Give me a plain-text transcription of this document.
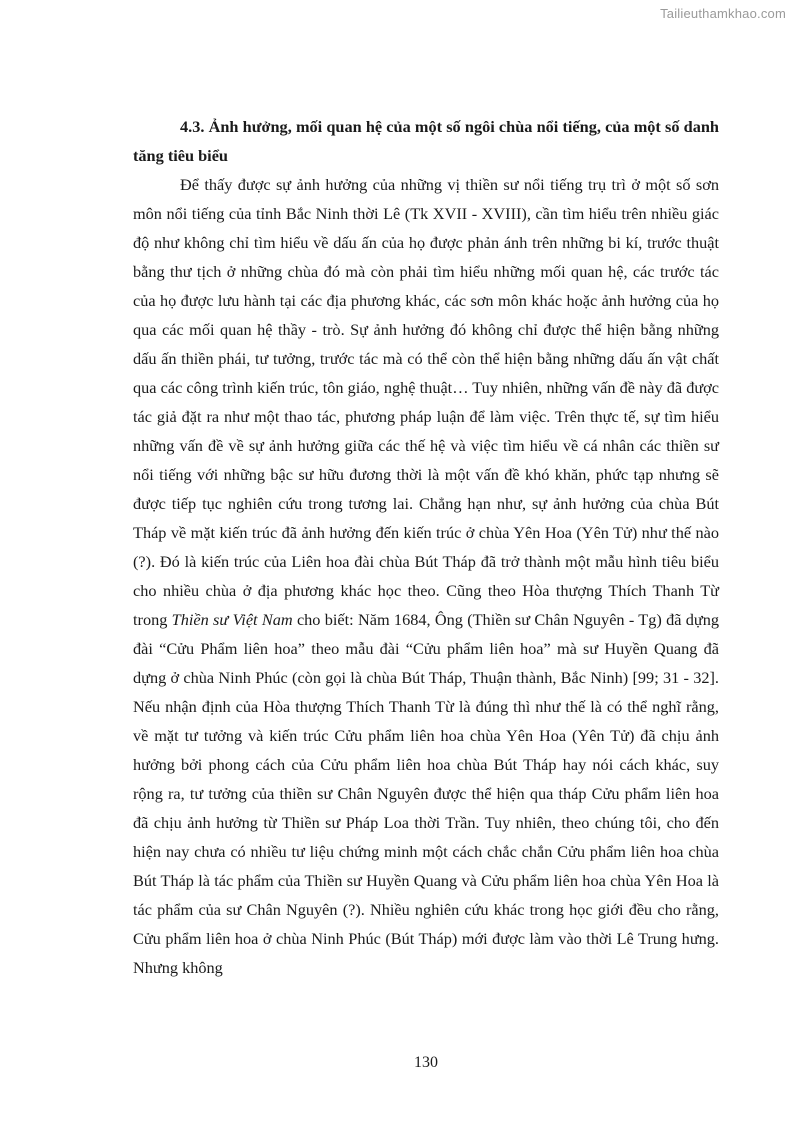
Tailieuthamkhao.com

4.3. Ảnh hưởng, mối quan hệ của một số ngôi chùa nổi tiếng, của một số danh tăng tiêu biểu

Để thấy được sự ảnh hưởng của những vị thiền sư nổi tiếng trụ trì ở một số sơn môn nổi tiếng của tỉnh Bắc Ninh thời Lê (Tk XVII - XVIII), cần tìm hiểu trên nhiều giác độ như không chỉ tìm hiểu về dấu ấn của họ được phản ánh trên những bi kí, trước thuật bằng thư tịch ở những chùa đó mà còn phải tìm hiểu những mối quan hệ, các trước tác của họ được lưu hành tại các địa phương khác, các sơn môn khác hoặc ảnh hưởng của họ qua các mối quan hệ thầy - trò. Sự ảnh hưởng đó không chỉ được thể hiện bằng những dấu ấn thiền phái, tư tưởng, trước tác mà có thể còn thể hiện bằng những dấu ấn vật chất qua các công trình kiến trúc, tôn giáo, nghệ thuật… Tuy nhiên, những vấn đề này đã được tác giả đặt ra như một thao tác, phương pháp luận để làm việc. Trên thực tế, sự tìm hiểu những vấn đề về sự ảnh hưởng giữa các thế hệ và việc tìm hiểu về cá nhân các thiền sư nổi tiếng với những bậc sư hữu đương thời là một vấn đề khó khăn, phức tạp nhưng sẽ được tiếp tục nghiên cứu trong tương lai. Chẳng hạn như, sự ảnh hưởng của chùa Bút Tháp về mặt kiến trúc đã ảnh hưởng đến kiến trúc ở chùa Yên Hoa (Yên Tử) như thế nào (?). Đó là kiến trúc của Liên hoa đài chùa Bút Tháp đã trở thành một mẫu hình tiêu biểu cho nhiều chùa ở địa phương khác học theo. Cũng theo Hòa thượng Thích Thanh Từ trong Thiền sư Việt Nam cho biết: Năm 1684, Ông (Thiền sư Chân Nguyên - Tg) đã dựng đài “Cửu Phẩm liên hoa” theo mẫu đài “Cửu phẩm liên hoa” mà sư Huyền Quang đã dựng ở chùa Ninh Phúc (còn gọi là chùa Bút Tháp, Thuận thành, Bắc Ninh) [99; 31 - 32]. Nếu nhận định của Hòa thượng Thích Thanh Từ là đúng thì như thế là có thể nghĩ rằng, về mặt tư tưởng và kiến trúc Cửu phẩm liên hoa chùa Yên Hoa (Yên Tử) đã chịu ảnh hưởng bởi phong cách của Cửu phẩm liên hoa chùa Bút Tháp hay nói cách khác, suy rộng ra, tư tưởng của thiền sư Chân Nguyên được thể hiện qua tháp Cửu phẩm liên hoa đã chịu ảnh hưởng từ Thiền sư Pháp Loa thời Trần. Tuy nhiên, theo chúng tôi, cho đến hiện nay chưa có nhiều tư liệu chứng minh một cách chắc chắn Cửu phẩm liên hoa chùa Bút Tháp là tác phẩm của Thiền sư Huyền Quang và Cửu phẩm liên hoa chùa Yên Hoa là tác phẩm của sư Chân Nguyên (?). Nhiều nghiên cứu khác trong học giới đều cho rằng, Cửu phẩm liên hoa ở chùa Ninh Phúc (Bút Tháp) mới được làm vào thời Lê Trung hưng. Nhưng không

130
